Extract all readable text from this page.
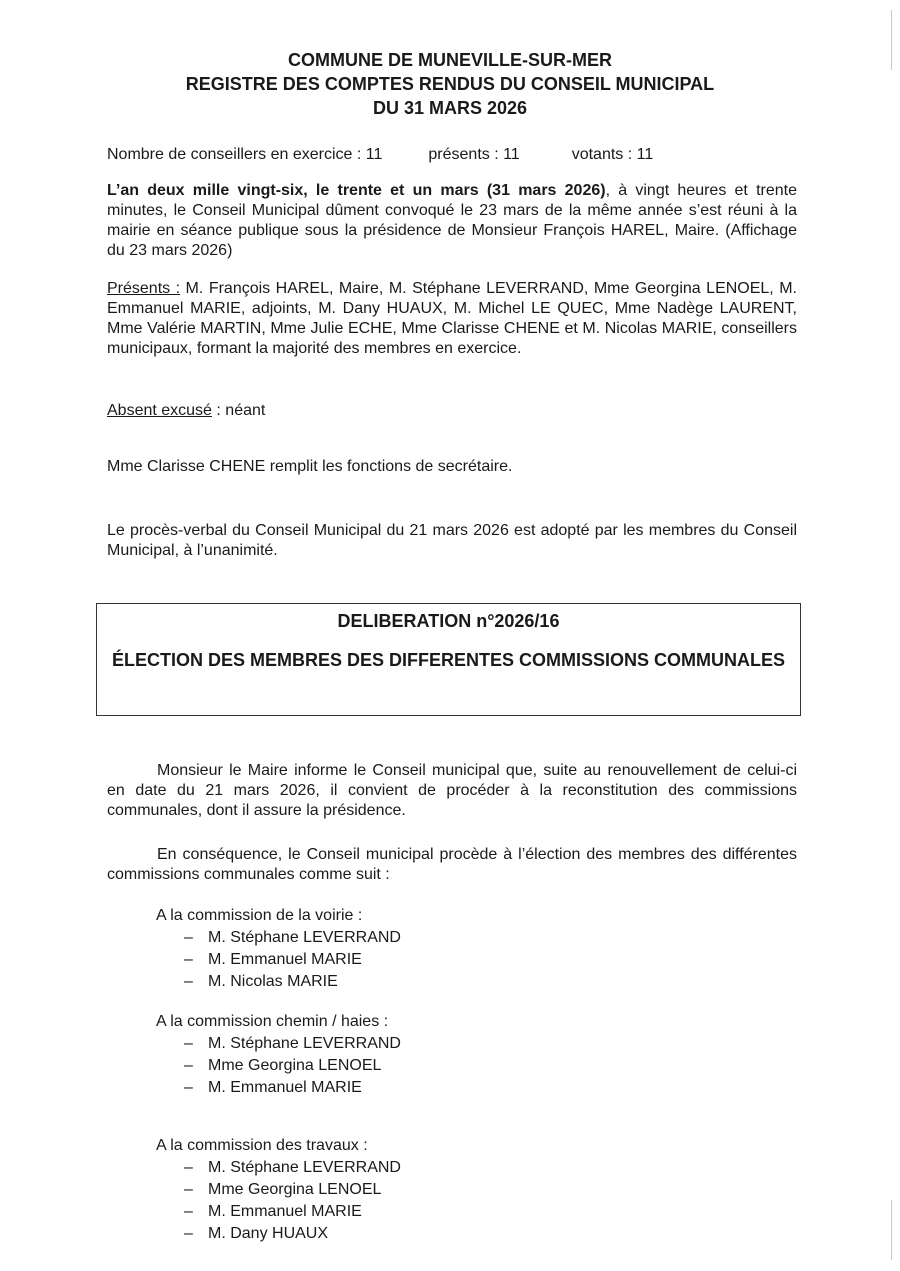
COMMUNE DE MUNEVILLE-SUR-MER
REGISTRE DES COMPTES RENDUS DU CONSEIL MUNICIPAL
DU 31 MARS 2026
Nombre de conseillers en exercice : 11	présents : 11	votants : 11
L’an deux mille vingt-six, le trente et un mars (31 mars 2026), à vingt heures et trente minutes, le Conseil Municipal dûment convoqué le 23 mars de la même année s’est réuni à la mairie en séance publique sous la présidence de Monsieur François HAREL, Maire. (Affichage du 23 mars 2026)
Présents : M. François HAREL, Maire, M. Stéphane LEVERRAND, Mme Georgina LENOEL, M. Emmanuel MARIE, adjoints, M. Dany HUAUX, M. Michel LE QUEC, Mme Nadège LAURENT, Mme Valérie MARTIN, Mme Julie ECHE, Mme Clarisse CHENE et M. Nicolas MARIE, conseillers municipaux, formant la majorité des membres en exercice.
Absent excusé : néant
Mme Clarisse CHENE remplit les fonctions de secrétaire.
Le procès-verbal du Conseil Municipal du 21 mars 2026 est adopté par les membres du Conseil Municipal, à l’unanimité.
DELIBERATION n°2026/16
ÉLECTION DES MEMBRES DES DIFFERENTES COMMISSIONS COMMUNALES
Monsieur le Maire informe le Conseil municipal que, suite au renouvellement de celui-ci en date du 21 mars 2026, il convient de procéder à la reconstitution des commissions communales, dont il assure la présidence.
En conséquence, le Conseil municipal procède à l’élection des membres des différentes commissions communales comme suit :
A la commission de la voirie :
– M. Stéphane LEVERRAND
– M. Emmanuel MARIE
– M. Nicolas MARIE
A la commission chemin / haies :
– M. Stéphane LEVERRAND
– Mme Georgina LENOEL
– M. Emmanuel MARIE
A la commission des travaux :
– M. Stéphane LEVERRAND
– Mme Georgina LENOEL
– M. Emmanuel MARIE
– M. Dany HUAUX
